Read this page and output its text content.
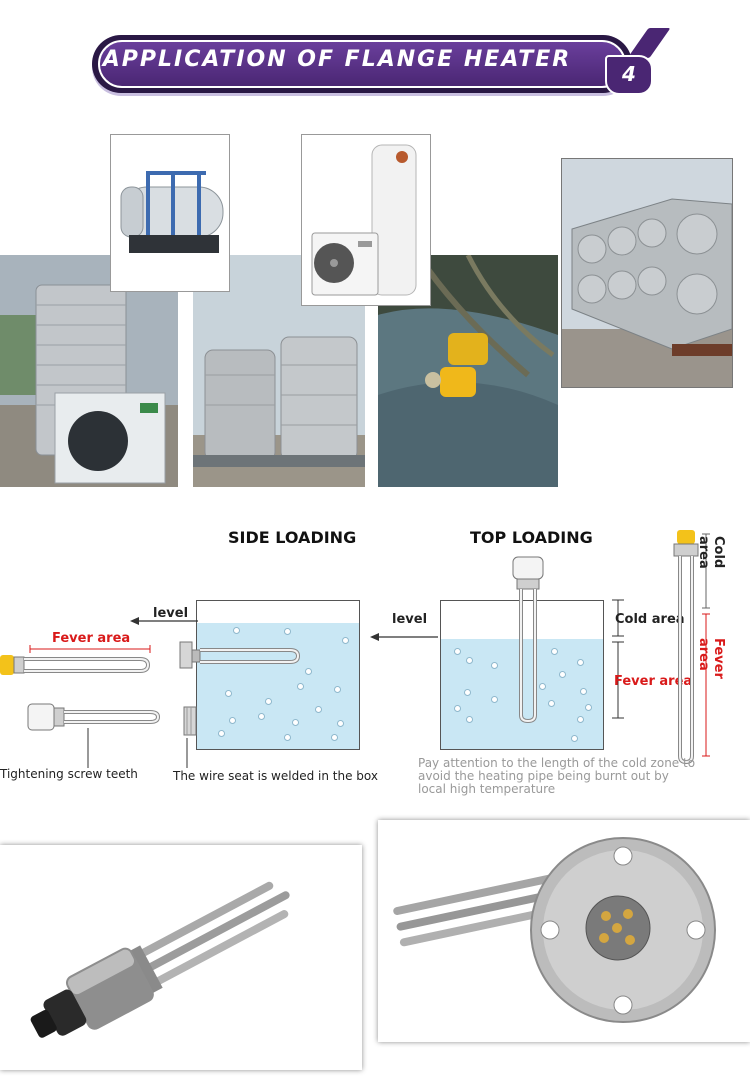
APPLICATION OF FLANGE HEATER
4
SIDE LOADING	TOP LOADING
level
Fever area
Tightening screw teeth	The wire seat is welded in the box
level	Cold area
Fever area
Cold area
Fever area
Pay attention to the length of the cold zone to
avoid the heating pipe being burnt out by
local high temperature
